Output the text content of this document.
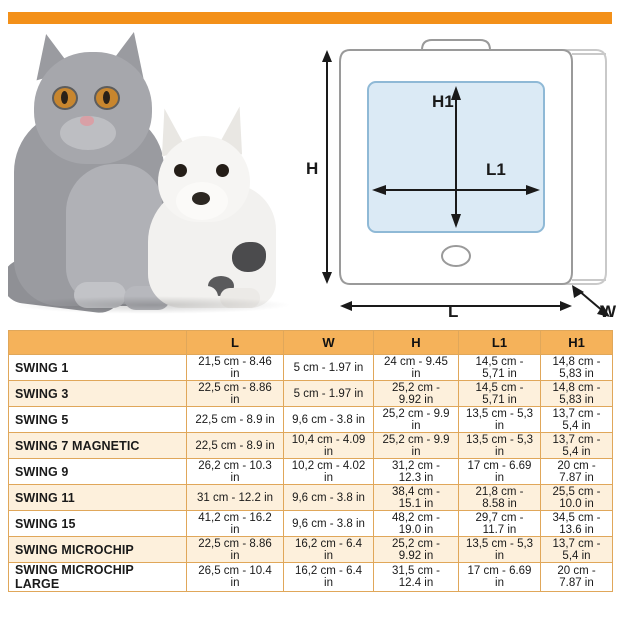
H
L	W
H1
L1
	L	W	H	L1	H1
SWING 1	21,5 cm - 8.46 in	5 cm - 1.97 in	24 cm - 9.45 in	14,5 cm - 5,71 in	14,8 cm - 5,83 in
SWING 3	22,5 cm - 8.86 in	5 cm - 1.97 in	25,2 cm - 9.92 in	14,5 cm - 5,71 in	14,8 cm - 5,83 in
SWING 5	22,5 cm - 8.9 in	9,6 cm - 3.8 in	25,2 cm - 9.9 in	13,5 cm - 5,3 in	13,7 cm - 5,4 in
SWING 7 MAGNETIC	22,5 cm - 8.9 in	10,4 cm - 4.09 in	25,2 cm - 9.9 in	13,5 cm - 5,3 in	13,7 cm - 5,4 in
SWING 9	26,2 cm - 10.3 in	10,2 cm - 4.02 in	31,2 cm - 12.3 in	17 cm - 6.69 in	20 cm - 7.87 in
SWING 11	31 cm - 12.2 in	9,6 cm - 3.8 in	38,4 cm - 15.1 in	21,8 cm - 8.58 in	25,5 cm - 10.0 in
SWING 15	41,2 cm - 16.2 in	9,6 cm - 3.8 in	48,2 cm - 19.0 in	29,7 cm - 11.7 in	34,5 cm - 13.6 in
SWING MICROCHIP	22,5 cm - 8.86 in	16,2 cm - 6.4 in	25,2 cm - 9.92 in	13,5 cm - 5,3 in	13,7 cm - 5,4 in
SWING MICROCHIP LARGE	26,5 cm - 10.4 in	16,2 cm - 6.4 in	31,5 cm - 12.4 in	17 cm - 6.69 in	20 cm - 7.87 in
